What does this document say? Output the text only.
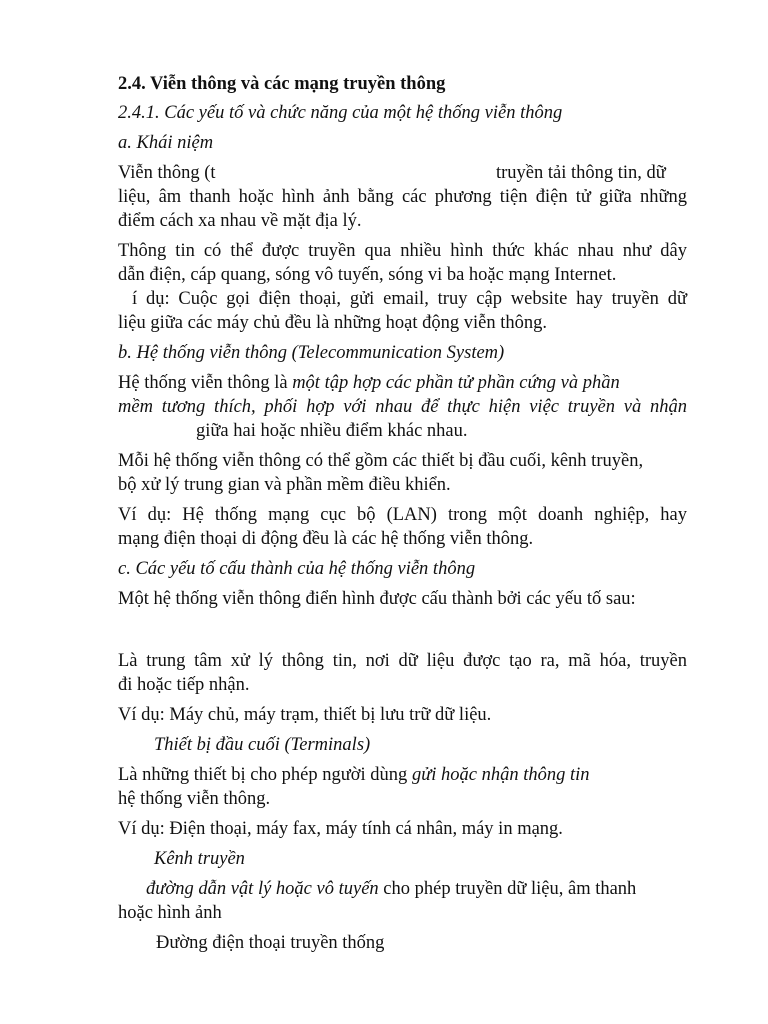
2.4. Viễn thông và các mạng truyền thông
2.4.1. Các yếu tố và chức năng của một hệ thống viễn thông
a. Khái niệm
Viễn thông (t	truyền tải thông tin, dữ
liệu, âm thanh hoặc hình ảnh bằng các phương tiện điện tử giữa những
điểm cách xa nhau về mặt địa lý.
Thông tin có thể được truyền qua nhiều hình thức khác nhau như dây
dẫn điện, cáp quang, sóng vô tuyến, sóng vi ba hoặc mạng Internet.
í dụ: Cuộc gọi điện thoại, gửi email, truy cập website hay truyền dữ
liệu giữa các máy chủ đều là những hoạt động viễn thông.
b. Hệ thống viễn thông (Telecommunication System)
Hệ thống viễn thông là một tập hợp các phần tử phần cứng và phần
mềm tương thích, phối hợp với nhau để thực hiện việc truyền và nhận
giữa hai hoặc nhiều điểm khác nhau.
Mỗi hệ thống viễn thông có thể gồm các thiết bị đầu cuối, kênh truyền,
bộ xử lý trung gian và phần mềm điều khiển.
Ví dụ: Hệ thống mạng cục bộ (LAN) trong một doanh nghiệp, hay
mạng điện thoại di động đều là các hệ thống viễn thông.
c. Các yếu tố cấu thành của hệ thống viễn thông
Một hệ thống viễn thông điển hình được cấu thành bởi các yếu tố sau:
Là trung tâm xử lý thông tin, nơi dữ liệu được tạo ra, mã hóa, truyền
đi hoặc tiếp nhận.
Ví dụ: Máy chủ, máy trạm, thiết bị lưu trữ dữ liệu.
Thiết bị đầu cuối (Terminals)
Là những thiết bị cho phép người dùng gửi hoặc nhận thông tin
hệ thống viễn thông.
Ví dụ: Điện thoại, máy fax, máy tính cá nhân, máy in mạng.
Kênh truyền
đường dẫn vật lý hoặc vô tuyến cho phép truyền dữ liệu, âm thanh
hoặc hình ảnh
Đường điện thoại truyền thống
